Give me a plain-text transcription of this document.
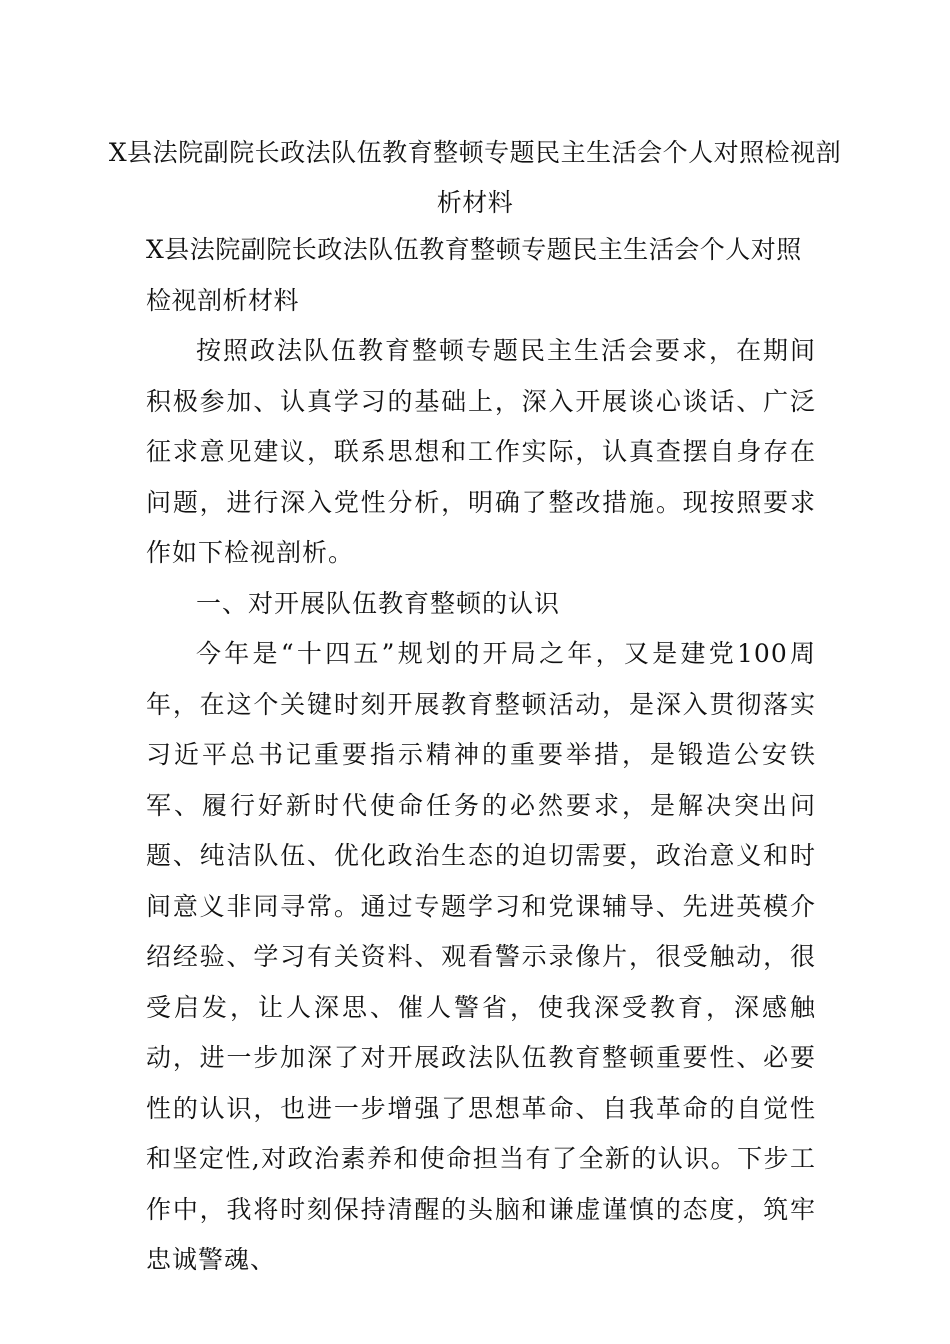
X县法院副院长政法队伍教育整顿专题民主生活会个人对照检视剖析材料
X县法院副院长政法队伍教育整顿专题民主生活会个人对照检视剖析材料

按照政法队伍教育整顿专题民主生活会要求，在期间积极参加、认真学习的基础上，深入开展谈心谈话、广泛征求意见建议，联系思想和工作实际，认真查摆自身存在问题，进行深入党性分析，明确了整改措施。现按照要求作如下检视剖析。

一、对开展队伍教育整顿的认识

今年是“十四五”规划的开局之年，又是建党100周年，在这个关键时刻开展教育整顿活动，是深入贯彻落实习近平总书记重要指示精神的重要举措，是锻造公安铁军、履行好新时代使命任务的必然要求，是解决突出问题、纯洁队伍、优化政治生态的迫切需要，政治意义和时间意义非同寻常。通过专题学习和党课辅导、先进英模介绍经验、学习有关资料、观看警示录像片，很受触动，很受启发，让人深思、催人警省，使我深受教育，深感触动，进一步加深了对开展政法队伍教育整顿重要性、必要性的认识，也进一步增强了思想革命、自我革命的自觉性和坚定性,对政治素养和使命担当有了全新的认识。下步工作中，我将时刻保持清醒的头脑和谦虚谨慎的态度，筑牢忠诚警魂、
